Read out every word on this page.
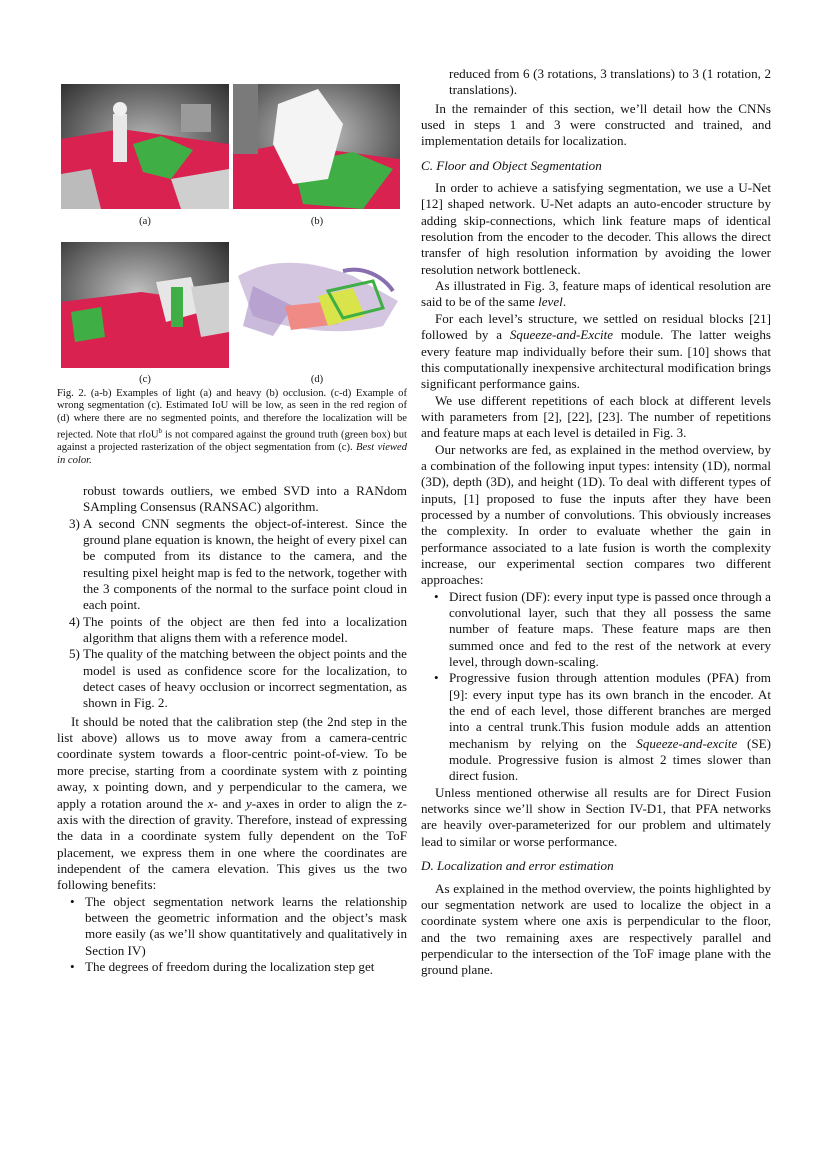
(a)	(b)
(c)	(d)
Fig. 2. (a-b) Examples of light (a) and heavy (b) occlusion. (c-d) Example of wrong segmentation (c). Estimated IoU will be low, as seen in the red region of (d) where there are no segmented points, and therefore the localization will be rejected. Note that rIoU$^b$ is not compared against the ground truth (green box) but against a projected rasterization of the object segmentation from (c). Best viewed in color.

robust towards outliers, we embed SVD into a RANdom SAmpling Consensus (RANSAC) algorithm.

3) A second CNN segments the object-of-interest. Since the ground plane equation is known, the height of every pixel can be computed from its distance to the camera, and the resulting pixel height map is fed to the network, together with the 3 components of the normal to the surface point cloud in each point.
4) The points of the object are then fed into a localization algorithm that aligns them with a reference model.
5) The quality of the matching between the object points and the model is used as confidence score for the localization, to detect cases of heavy occlusion or incorrect segmentation, as shown in Fig. 2.

It should be noted that the calibration step (the 2nd step in the list above) allows us to move away from a camera-centric coordinate system towards a floor-centric point-of-view. To be more precise, starting from a coordinate system with z pointing away, x pointing down, and y perpendicular to the camera, we apply a rotation around the x- and y-axes in order to align the z-axis with the direction of gravity. Therefore, instead of expressing the data in a coordinate system fully dependent on the ToF placement, we express them in one where the coordinates are independent of the camera elevation. This gives us the two following benefits:

• The object segmentation network learns the relationship between the geometric information and the object’s mask more easily (as we’ll show quantitatively and qualitatively in Section IV)
• The degrees of freedom during the localization step get

reduced from 6 (3 rotations, 3 translations) to 3 (1 rotation, 2 translations).

In the remainder of this section, we’ll detail how the CNNs used in steps 1 and 3 were constructed and trained, and implementation details for localization.

C. Floor and Object Segmentation

In order to achieve a satisfying segmentation, we use a U-Net [12] shaped network. U-Net adapts an auto-encoder structure by adding skip-connections, which link feature maps of identical resolution from the encoder to the decoder. This allows the direct transfer of high resolution information by avoiding the lower resolution network bottleneck.

As illustrated in Fig. 3, feature maps of identical resolution are said to be of the same level.

For each level’s structure, we settled on residual blocks [21] followed by a Squeeze-and-Excite module. The latter weighs every feature map individually before their sum. [10] shows that this computationally inexpensive architectural modification brings significant performance gains.

We use different repetitions of each block at different levels with parameters from [2], [22], [23]. The number of repetitions and feature maps at each level is detailed in Fig. 3.

Our networks are fed, as explained in the method overview, by a combination of the following input types: intensity (1D), normal (3D), depth (3D), and height (1D). To deal with different types of inputs, [1] proposed to fuse the inputs after they have been processed by a number of convolutions. This obviously increases the complexity. In order to evaluate whether the gain in performance associated to a late fusion is worth the complexity increase, our experimental section compares two different approaches:

• Direct fusion (DF): every input type is passed once through a convolutional layer, such that they all possess the same number of feature maps. These feature maps are then summed once and fed to the rest of the network at every level, through down-scaling.
• Progressive fusion through attention modules (PFA) from [9]: every input type has its own branch in the encoder. At the end of each level, those different branches are merged into a central trunk.This fusion module adds an attention mechanism by relying on the Squeeze-and-excite (SE) module. Progressive fusion is almost 2 times slower than direct fusion.

Unless mentioned otherwise all results are for Direct Fusion networks since we’ll show in Section IV-D1, that PFA networks are heavily over-parameterized for our problem and ultimately lead to similar or worse performance.

D. Localization and error estimation

As explained in the method overview, the points highlighted by our segmentation network are used to localize the object in a coordinate system where one axis is perpendicular to the floor, and the two remaining axes are respectively parallel and perpendicular to the intersection of the ToF image plane with the ground plane.
